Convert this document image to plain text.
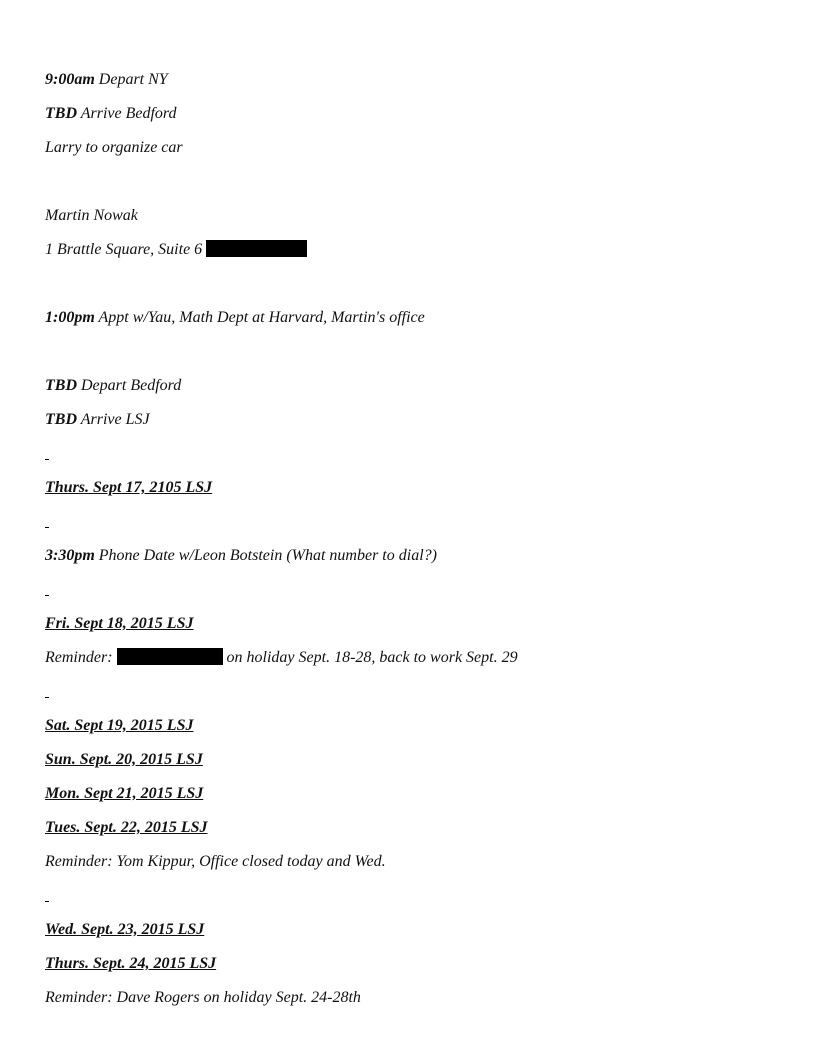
9:00am Depart NY
TBD Arrive Bedford
Larry to organize car
Martin Nowak
1 Brattle Square, Suite 6
1:00pm Appt w/Yau, Math Dept at Harvard, Martin's office
TBD Depart Bedford
TBD Arrive LSJ
Thurs. Sept 17, 2105 LSJ
3:30pm Phone Date w/Leon Botstein (What number to dial?)
Fri. Sept 18, 2015 LSJ
Reminder:	on holiday Sept. 18-28, back to work Sept. 29
Sat. Sept 19, 2015 LSJ
Sun. Sept. 20, 2015 LSJ
Mon. Sept 21, 2015 LSJ
Tues. Sept. 22, 2015 LSJ
Reminder: Yom Kippur, Office closed today and Wed.
Wed. Sept. 23, 2015 LSJ
Thurs. Sept. 24, 2015 LSJ
Reminder: Dave Rogers on holiday Sept. 24-28th
